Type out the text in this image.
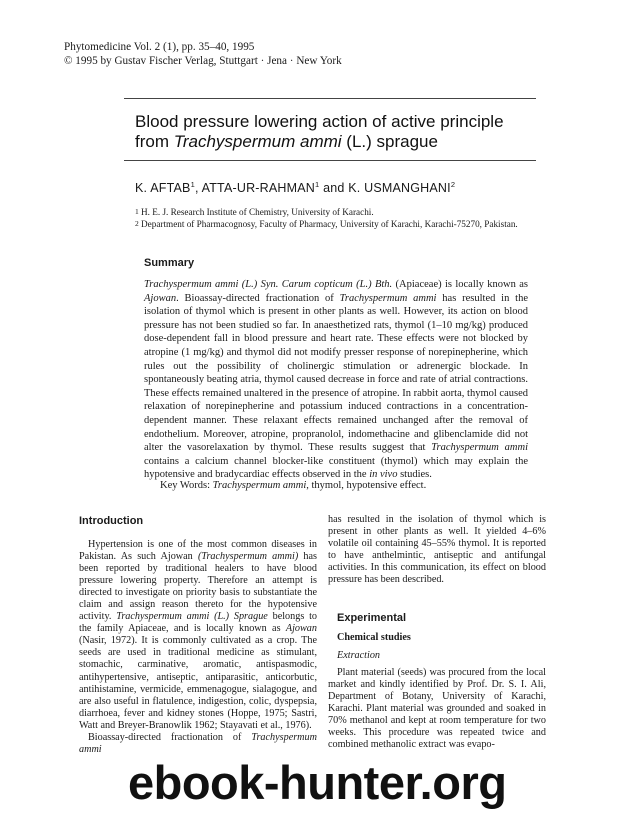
Phytomedicine Vol. 2 (1), pp. 35–40, 1995
© 1995 by Gustav Fischer Verlag, Stuttgart · Jena · New York
Blood pressure lowering action of active principle
from Trachyspermum ammi (L.) sprague
K. AFTAB$^1$, ATTA-UR-RAHMAN$^1$ and K. USMANGHANI$^2$
$^1$ H. E. J. Research Institute of Chemistry, University of Karachi.
$^2$ Department of Pharmacognosy, Faculty of Pharmacy, University of Karachi, Karachi-75270, Pakistan.
Summary

Trachyspermum ammi (L.) Syn. Carum copticum (L.) Bth. (Apiaceae) is locally known as Ajowan. Bioassay-directed fractionation of Trachyspermum ammi has resulted in the isolation of thymol which is present in other plants as well. However, its action on blood pressure has not been studied so far. In anaesthetized rats, thymol (1–10 mg/kg) produced dose-dependent fall in blood pressure and heart rate. These effects were not blocked by atropine (1 mg/kg) and thymol did not modify presser response of norepinepherine, which rules out the possibility of cholinergic stimulation or adrenergic blockade. In spontaneously beating atria, thymol caused decrease in force and rate of atrial contractions. These effects remained unaltered in the presence of atropine. In rabbit aorta, thymol caused relaxation of norepinepherine and potassium induced contractions in a concentration-dependent manner. These relaxant effects remained unchanged after the removal of endothelium. Moreover, atropine, propranolol, indomethacine and glibenclamide did not alter the vasorelaxation by thymol. These results suggest that Trachyspermum ammi contains a calcium channel blocker-like constituent (thymol) which may explain the hypotensive and bradycardiac effects observed in the in vivo studies.

Key Words: Trachyspermum ammi, thymol, hypotensive effect.
Introduction

Hypertension is one of the most common diseases in Pakistan. As such Ajowan (Trachyspermum ammi) has been reported by traditional healers to have blood pressure lowering property. Therefore an attempt is directed to investigate on priority basis to substantiate the claim and assign reason thereto for the hypotensive activity. Trachyspermum ammi (L.) Sprague belongs to the family Apiaceae, and is locally known as Ajowan (Nasir, 1972). It is commonly cultivated as a crop. The seeds are used in traditional medicine as stimulant, stomachic, carminative, aromatic, antispasmodic, antihypertensive, antiseptic, antiparasitic, anticorbutic, antihistamine, vermicide, emmenagogue, sialagogue, and are also useful in flatulence, indigestion, colic, dyspepsia, diarrhoea, fever and kidney stones (Hoppe, 1975; Sastri, Watt and Breyer-Branowlik 1962; Stayavati et al., 1976).

Bioassay-directed fractionation of Trachyspermum ammi

has resulted in the isolation of thymol which is present in other plants as well. It yielded 4–6% volatile oil containing 45–55% thymol. It is reported to have anthelmintic, antiseptic and antifungal activities. In this communication, its effect on blood pressure has been described.

Experimental
Chemical studies
Extraction

Plant material (seeds) was procured from the local market and kindly identified by Prof. Dr. S. I. Ali, Department of Botany, University of Karachi, Karachi. Plant material was grounded and soaked in 70% methanol and kept at room temperature for two weeks. This procedure was repeated twice and combined methanolic extract was evapo-

ebook-hunter.org
